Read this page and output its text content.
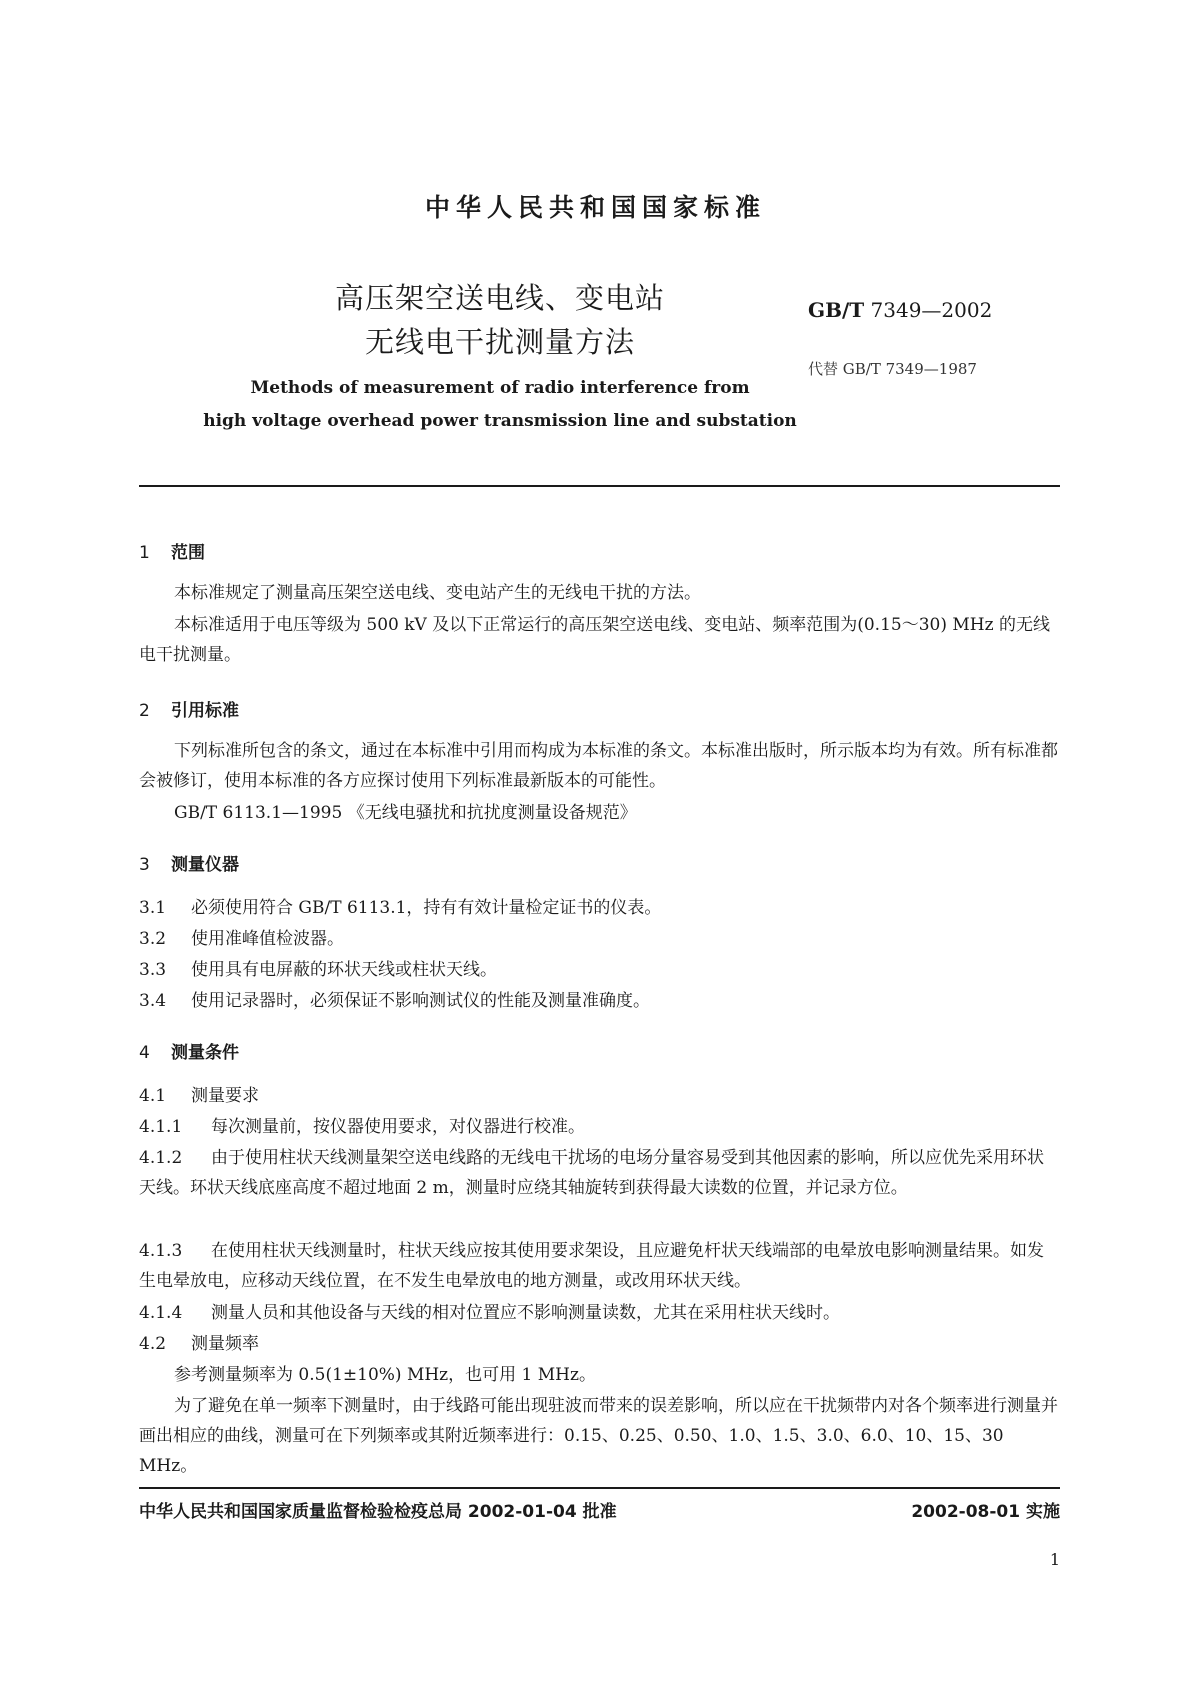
中华人民共和国国家标准
高压架空送电线、变电站
无线电干扰测量方法
GB/T 7349—2002
代替 GB/T 7349—1987
Methods of measurement of radio interference from
high voltage overhead power transmission line and substation
1 范围
本标准规定了测量高压架空送电线、变电站产生的无线电干扰的方法。
本标准适用于电压等级为 500 kV 及以下正常运行的高压架空送电线、变电站、频率范围为(0.15～30) MHz 的无线电干扰测量。
2 引用标准
下列标准所包含的条文，通过在本标准中引用而构成为本标准的条文。本标准出版时，所示版本均为有效。所有标准都会被修订，使用本标准的各方应探讨使用下列标准最新版本的可能性。
GB/T 6113.1—1995 《无线电骚扰和抗扰度测量设备规范》
3 测量仪器
3.1 必须使用符合 GB/T 6113.1，持有有效计量检定证书的仪表。
3.2 使用准峰值检波器。
3.3 使用具有电屏蔽的环状天线或柱状天线。
3.4 使用记录器时，必须保证不影响测试仪的性能及测量准确度。
4 测量条件
4.1 测量要求
4.1.1 每次测量前，按仪器使用要求，对仪器进行校准。
4.1.2 由于使用柱状天线测量架空送电线路的无线电干扰场的电场分量容易受到其他因素的影响，所以应优先采用环状天线。环状天线底座高度不超过地面 2 m，测量时应绕其轴旋转到获得最大读数的位置，并记录方位。
4.1.3 在使用柱状天线测量时，柱状天线应按其使用要求架设，且应避免杆状天线端部的电晕放电影响测量结果。如发生电晕放电，应移动天线位置，在不发生电晕放电的地方测量，或改用环状天线。
4.1.4 测量人员和其他设备与天线的相对位置应不影响测量读数，尤其在采用柱状天线时。
4.2 测量频率
参考测量频率为 0.5(1±10%) MHz，也可用 1 MHz。
为了避免在单一频率下测量时，由于线路可能出现驻波而带来的误差影响，所以应在干扰频带内对各个频率进行测量并画出相应的曲线，测量可在下列频率或其附近频率进行：0.15、0.25、0.50、1.0、1.5、3.0、6.0、10、15、30 MHz。
中华人民共和国国家质量监督检验检疫总局 2002-01-04 批准	2002-08-01 实施
1
